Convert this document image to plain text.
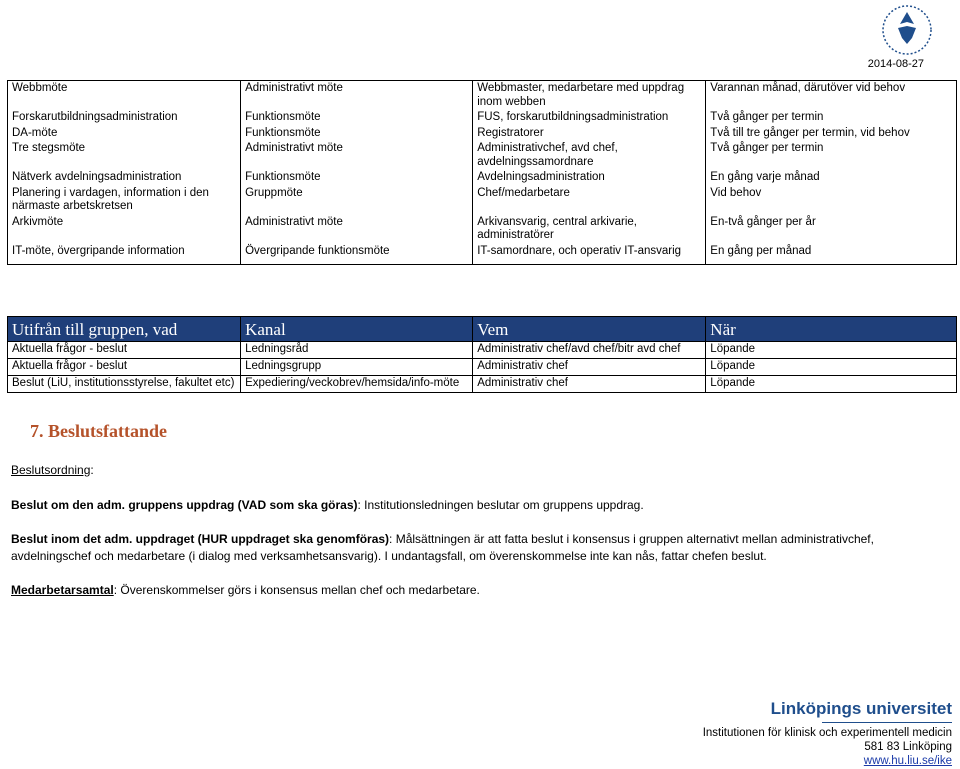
2014-08-27
Webbmöte	Administrativt möte	Webbmaster, medarbetare med uppdrag inom webben	Varannan månad, därutöver vid behov
Forskarutbildningsadministration	Funktionsmöte	FUS, forskarutbildningsadministration	Två gånger per termin
DA-möte	Funktionsmöte	Registratorer	Två till tre gånger per termin, vid behov
Tre stegsmöte	Administrativt möte	Administrativchef, avd chef, avdelningssamordnare	Två gånger per termin
Nätverk avdelningsadministration	Funktionsmöte	Avdelningsadministration	En gång varje månad
Planering i vardagen, information i den närmaste arbetskretsen	Gruppmöte	Chef/medarbetare	Vid behov
Arkivmöte	Administrativt möte	Arkivansvarig, central arkivarie, administratörer	En-två gånger per år
IT-möte, övergripande information	Övergripande funktionsmöte	IT-samordnare, och operativ IT-ansvarig	En gång per månad
Utifrån till gruppen, vad	Kanal	Vem	När
Aktuella frågor - beslut	Ledningsråd	Administrativ chef/avd chef/bitr avd chef	Löpande
Aktuella frågor - beslut	Ledningsgrupp	Administrativ chef	Löpande
Beslut (LiU, institutionsstyrelse, fakultet etc)	Expediering/veckobrev/hemsida/info-möte	Administrativ chef	Löpande
7. Beslutsfattande
Beslutsordning:
Beslut om den adm. gruppens uppdrag (VAD som ska göras): Institutionsledningen beslutar om gruppens uppdrag.
Beslut inom det adm. uppdraget (HUR uppdraget ska genomföras): Målsättningen är att fatta beslut i konsensus i gruppen alternativt mellan administrativchef, avdelningschef och medarbetare (i dialog med verksamhetsansvarig). I undantagsfall, om överenskommelse inte kan nås, fattar chefen beslut.
Medarbetarsamtal: Överenskommelser görs i konsensus mellan chef och medarbetare.
Linköpings universitet
Institutionen för klinisk och experimentell medicin
581 83 Linköping
www.hu.liu.se/ike
